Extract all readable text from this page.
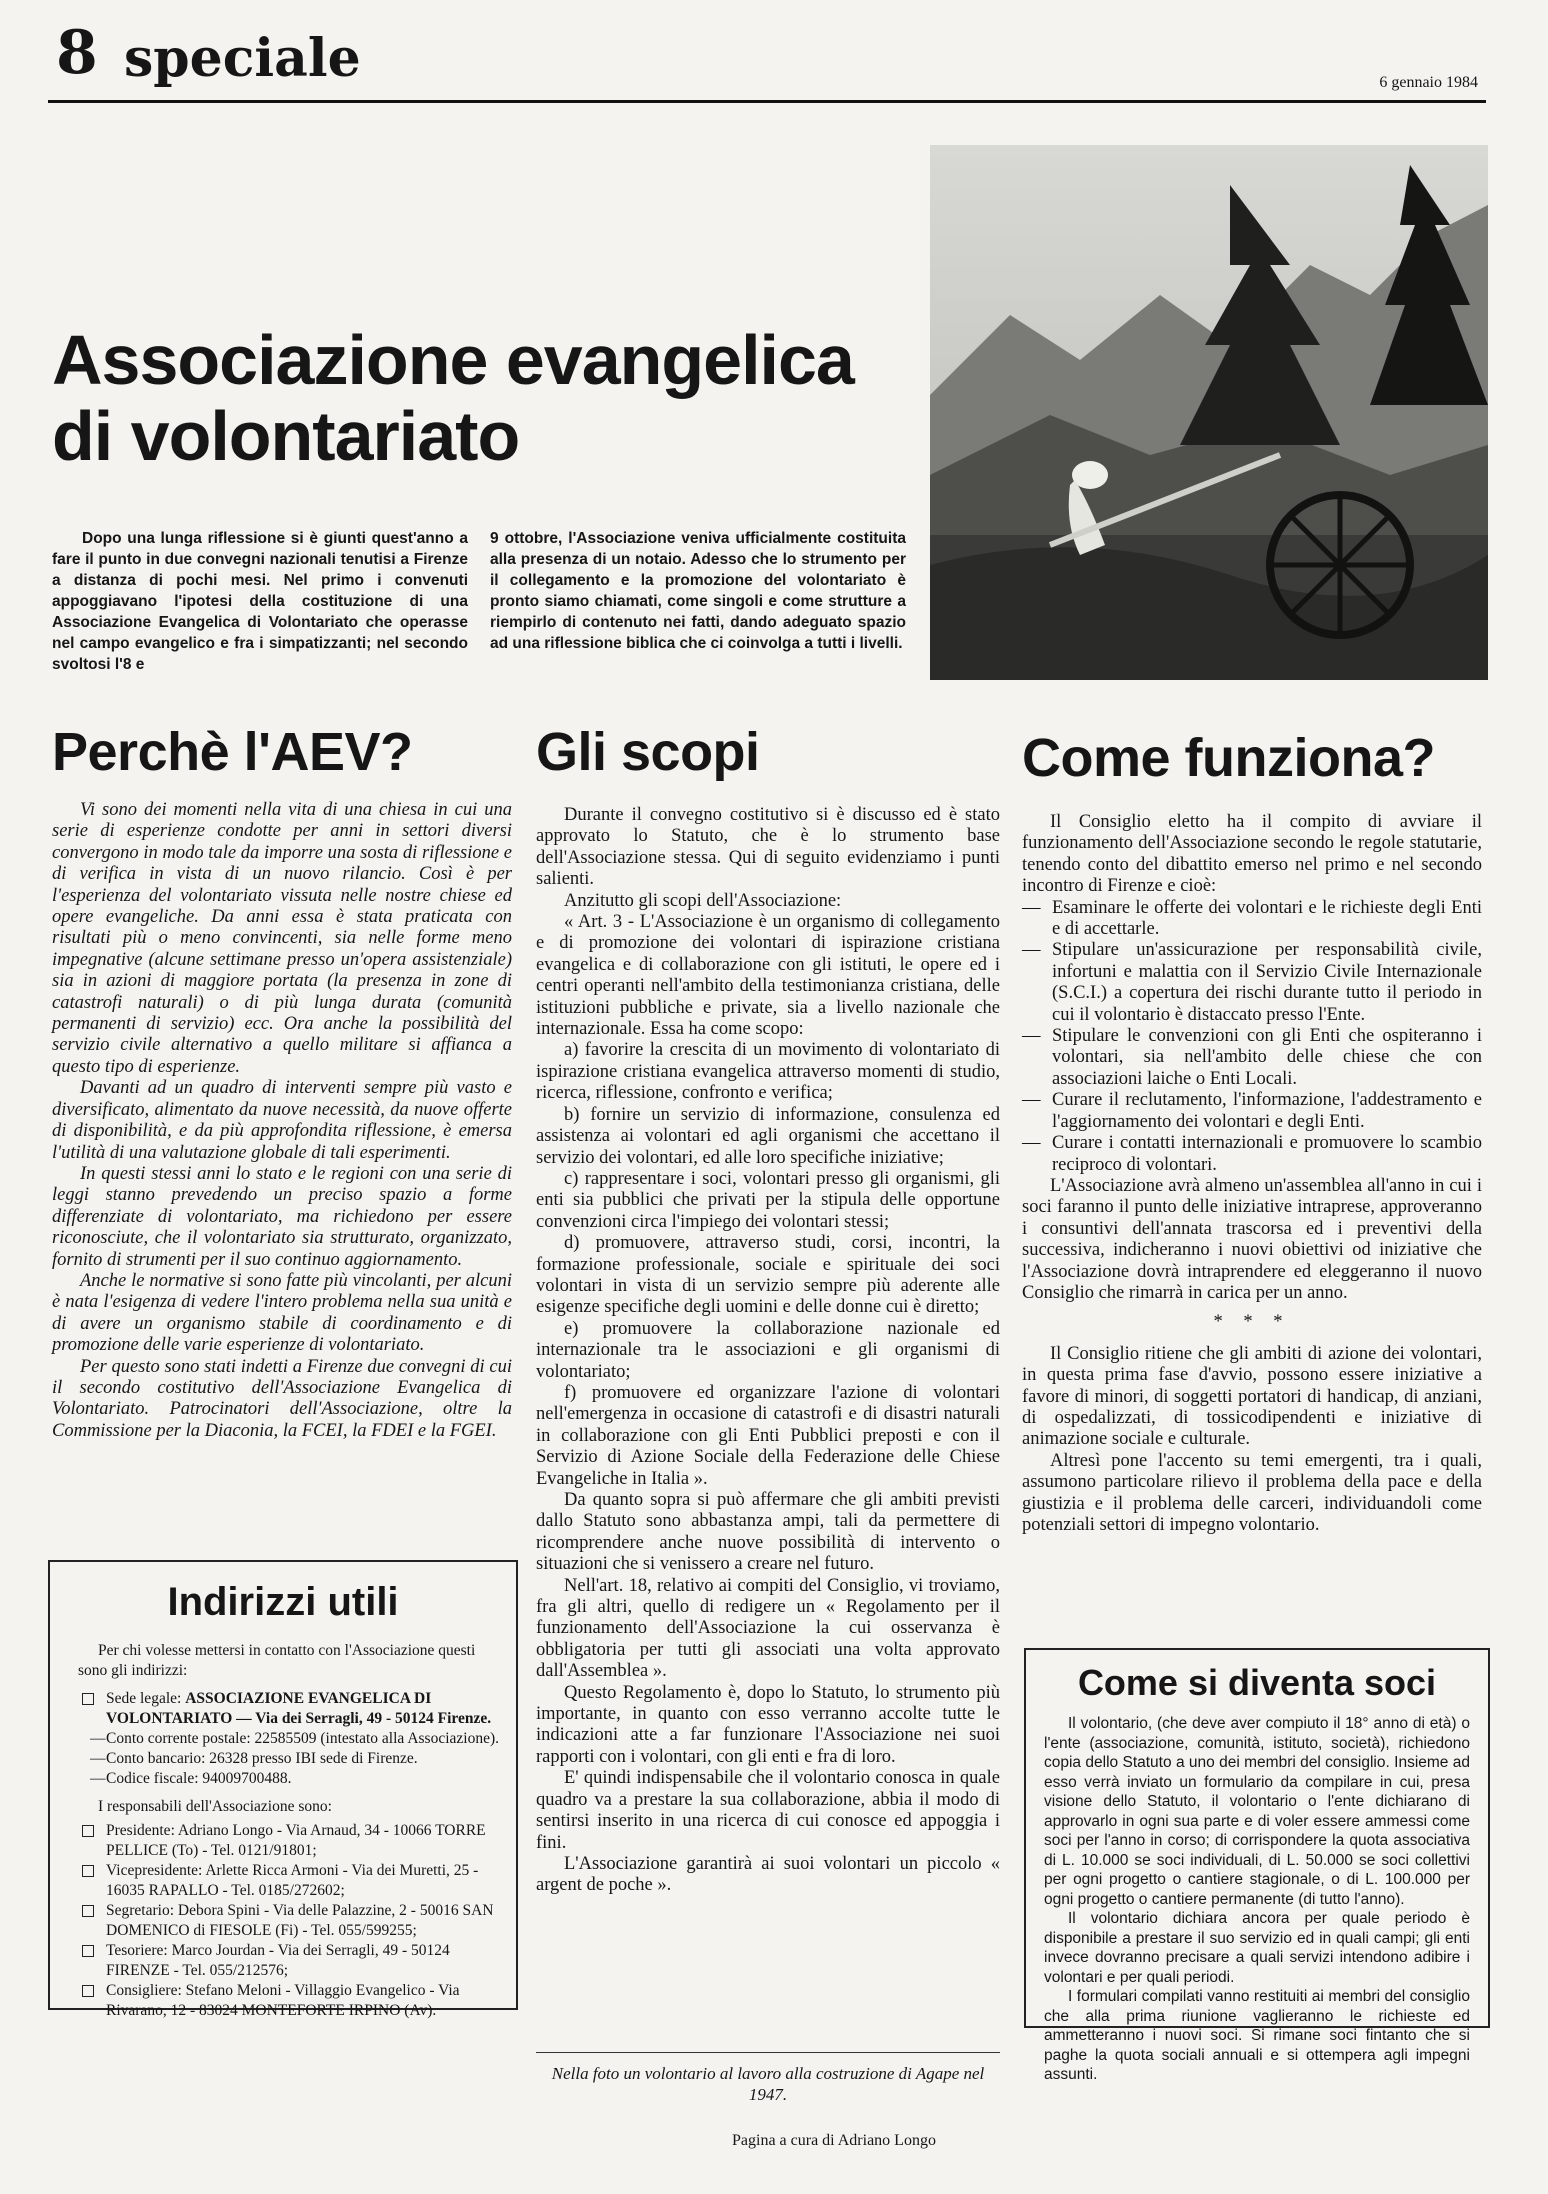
8 speciale	6 gennaio 1984
Associazione evangelica
di volontariato

Dopo una lunga riflessione si è giunti quest'anno a fare il punto in due convegni nazionali tenutisi a Firenze a distanza di pochi mesi. Nel primo i convenuti appoggiavano l'ipotesi della costituzione di una Associazione Evangelica di Volontariato che operasse nel campo evangelico e fra i simpatizzanti; nel secondo svoltosi l'8 e

9 ottobre, l'Associazione veniva ufficialmente costituita alla presenza di un notaio. Adesso che lo strumento per il collegamento e la promozione del volontariato è pronto siamo chiamati, come singoli e come strutture a riempirlo di contenuto nei fatti, dando adeguato spazio ad una riflessione biblica che ci coinvolga a tutti i livelli.

Perchè l'AEV?

Vi sono dei momenti nella vita di una chiesa in cui una serie di esperienze condotte per anni in settori diversi convergono in modo tale da imporre una sosta di riflessione e di verifica in vista di un nuovo rilancio. Così è per l'esperienza del volontariato vissuta nelle nostre chiese ed opere evangeliche. Da anni essa è stata praticata con risultati più o meno convincenti, sia nelle forme meno impegnative (alcune settimane presso un'opera assistenziale) sia in azioni di maggiore portata (la presenza in zone di catastrofi naturali) o di più lunga durata (comunità permanenti di servizio) ecc. Ora anche la possibilità del servizio civile alternativo a quello militare si affianca a questo tipo di esperienze.

Davanti ad un quadro di interventi sempre più vasto e diversificato, alimentato da nuove necessità, da nuove offerte di disponibilità, e da più approfondita riflessione, è emersa l'utilità di una valutazione globale di tali esperimenti.

In questi stessi anni lo stato e le regioni con una serie di leggi stanno prevedendo un preciso spazio a forme differenziate di volontariato, ma richiedono per essere riconosciute, che il volontariato sia strutturato, organizzato, fornito di strumenti per il suo continuo aggiornamento.

Anche le normative si sono fatte più vincolanti, per alcuni è nata l'esigenza di vedere l'intero problema nella sua unità e di avere un organismo stabile di coordinamento e di promozione delle varie esperienze di volontariato.

Per questo sono stati indetti a Firenze due convegni di cui il secondo costitutivo dell'Associazione Evangelica di Volontariato. Patrocinatori dell'Associazione, oltre la Commissione per la Diaconia, la FCEI, la FDEI e la FGEI.

Indirizzi utili
Per chi volesse mettersi in contatto con l'Associazione questi sono gli indirizzi:
Sede legale: ASSOCIAZIONE EVANGELICA DI VOLONTARIATO — Via dei Serragli, 49 - 50124 Firenze.
— Conto corrente postale: 22585509 (intestato alla Associazione).
— Conto bancario: 26328 presso IBI sede di Firenze.
— Codice fiscale: 94009700488.
I responsabili dell'Associazione sono:
Presidente: Adriano Longo - Via Arnaud, 34 - 10066 TORRE PELLICE (To) - Tel. 0121/91801;
Vicepresidente: Arlette Ricca Armoni - Via dei Muretti, 25 - 16035 RAPALLO - Tel. 0185/272602;
Segretario: Debora Spini - Via delle Palazzine, 2 - 50016 SAN DOMENICO di FIESOLE (Fi) - Tel. 055/599255;
Tesoriere: Marco Jourdan - Via dei Serragli, 49 - 50124 FIRENZE - Tel. 055/212576;
Consigliere: Stefano Meloni - Villaggio Evangelico - Via Rivarano, 12 - 83024 MONTEFORTE IRPINO (Av).
Gli scopi

Durante il convegno costitutivo si è discusso ed è stato approvato lo Statuto, che è lo strumento base dell'Associazione stessa. Qui di seguito evidenziamo i punti salienti.

Anzitutto gli scopi dell'Associazione:

« Art. 3 - L'Associazione è un organismo di collegamento e di promozione dei volontari di ispirazione cristiana evangelica e di collaborazione con gli istituti, le opere ed i centri operanti nell'ambito della testimonianza cristiana, delle istituzioni pubbliche e private, sia a livello nazionale che internazionale. Essa ha come scopo:

a) favorire la crescita di un movimento di volontariato di ispirazione cristiana evangelica attraverso momenti di studio, ricerca, riflessione, confronto e verifica;

b) fornire un servizio di informazione, consulenza ed assistenza ai volontari ed agli organismi che accettano il servizio dei volontari, ed alle loro specifiche iniziative;

c) rappresentare i soci, volontari presso gli organismi, gli enti sia pubblici che privati per la stipula delle opportune convenzioni circa l'impiego dei volontari stessi;

d) promuovere, attraverso studi, corsi, incontri, la formazione professionale, sociale e spirituale dei soci volontari in vista di un servizio sempre più aderente alle esigenze specifiche degli uomini e delle donne cui è diretto;

e) promuovere la collaborazione nazionale ed internazionale tra le associazioni e gli organismi di volontariato;

f) promuovere ed organizzare l'azione di volontari nell'emergenza in occasione di catastrofi e di disastri naturali in collaborazione con gli Enti Pubblici preposti e con il Servizio di Azione Sociale della Federazione delle Chiese Evangeliche in Italia ».

Da quanto sopra si può affermare che gli ambiti previsti dallo Statuto sono abbastanza ampi, tali da permettere di ricomprendere anche nuove possibilità di intervento o situazioni che si venissero a creare nel futuro.

Nell'art. 18, relativo ai compiti del Consiglio, vi troviamo, fra gli altri, quello di redigere un « Regolamento per il funzionamento dell'Associazione la cui osservanza è obbligatoria per tutti gli associati una volta approvato dall'Assemblea ».

Questo Regolamento è, dopo lo Statuto, lo strumento più importante, in quanto con esso verranno accolte tutte le indicazioni atte a far funzionare l'Associazione nei suoi rapporti con i volontari, con gli enti e fra di loro.

E' quindi indispensabile che il volontario conosca in quale quadro va a prestare la sua collaborazione, abbia il modo di sentirsi inserito in una ricerca di cui conosce ed appoggia i fini.

L'Associazione garantirà ai suoi volontari un piccolo « argent de poche ».

Nella foto un volontario al lavoro alla costruzione di Agape nel 1947.
Pagina a cura di Adriano Longo
Come funziona?

Il Consiglio eletto ha il compito di avviare il funzionamento dell'Associazione secondo le regole statutarie, tenendo conto del dibattito emerso nel primo e nel secondo incontro di Firenze e cioè:

— Esaminare le offerte dei volontari e le richieste degli Enti e di accettarle.
— Stipulare un'assicurazione per responsabilità civile, infortuni e malattia con il Servizio Civile Internazionale (S.C.I.) a copertura dei rischi durante tutto il periodo in cui il volontario è distaccato presso l'Ente.
— Stipulare le convenzioni con gli Enti che ospiteranno i volontari, sia nell'ambito delle chiese che con associazioni laiche o Enti Locali.
— Curare il reclutamento, l'informazione, l'addestramento e l'aggiornamento dei volontari e degli Enti.
— Curare i contatti internazionali e promuovere lo scambio reciproco di volontari.

L'Associazione avrà almeno un'assemblea all'anno in cui i soci faranno il punto delle iniziative intraprese, approveranno i consuntivi dell'annata trascorsa ed i preventivi della successiva, indicheranno i nuovi obiettivi od iniziative che l'Associazione dovrà intraprendere ed eleggeranno il nuovo Consiglio che rimarrà in carica per un anno.

* * *

Il Consiglio ritiene che gli ambiti di azione dei volontari, in questa prima fase d'avvio, possono essere iniziative a favore di minori, di soggetti portatori di handicap, di anziani, di ospedalizzati, di tossicodipendenti e iniziative di animazione sociale e culturale.

Altresì pone l'accento su temi emergenti, tra i quali, assumono particolare rilievo il problema della pace e della giustizia e il problema delle carceri, individuandoli come potenziali settori di impegno volontario.

Come si diventa soci

Il volontario, (che deve aver compiuto il 18° anno di età) o l'ente (associazione, comunità, istituto, società), richiedono copia dello Statuto a uno dei membri del consiglio. Insieme ad esso verrà inviato un formulario da compilare in cui, presa visione dello Statuto, il volontario o l'ente dichiarano di approvarlo in ogni sua parte e di voler essere ammessi come soci per l'anno in corso; di corrispondere la quota associativa di L. 10.000 se soci individuali, di L. 50.000 se soci collettivi per ogni progetto o cantiere stagionale, o di L. 100.000 per ogni progetto o cantiere permanente (di tutto l'anno).

Il volontario dichiara ancora per quale periodo è disponibile a prestare il suo servizio ed in quali campi; gli enti invece dovranno precisare a quali servizi intendono adibire i volontari e per quali periodi.

I formulari compilati vanno restituiti ai membri del consiglio che alla prima riunione vaglieranno le richieste ed ammetteranno i nuovi soci. Si rimane soci fintanto che si paghe la quota sociali annuali e si ottempera agli impegni assunti.
